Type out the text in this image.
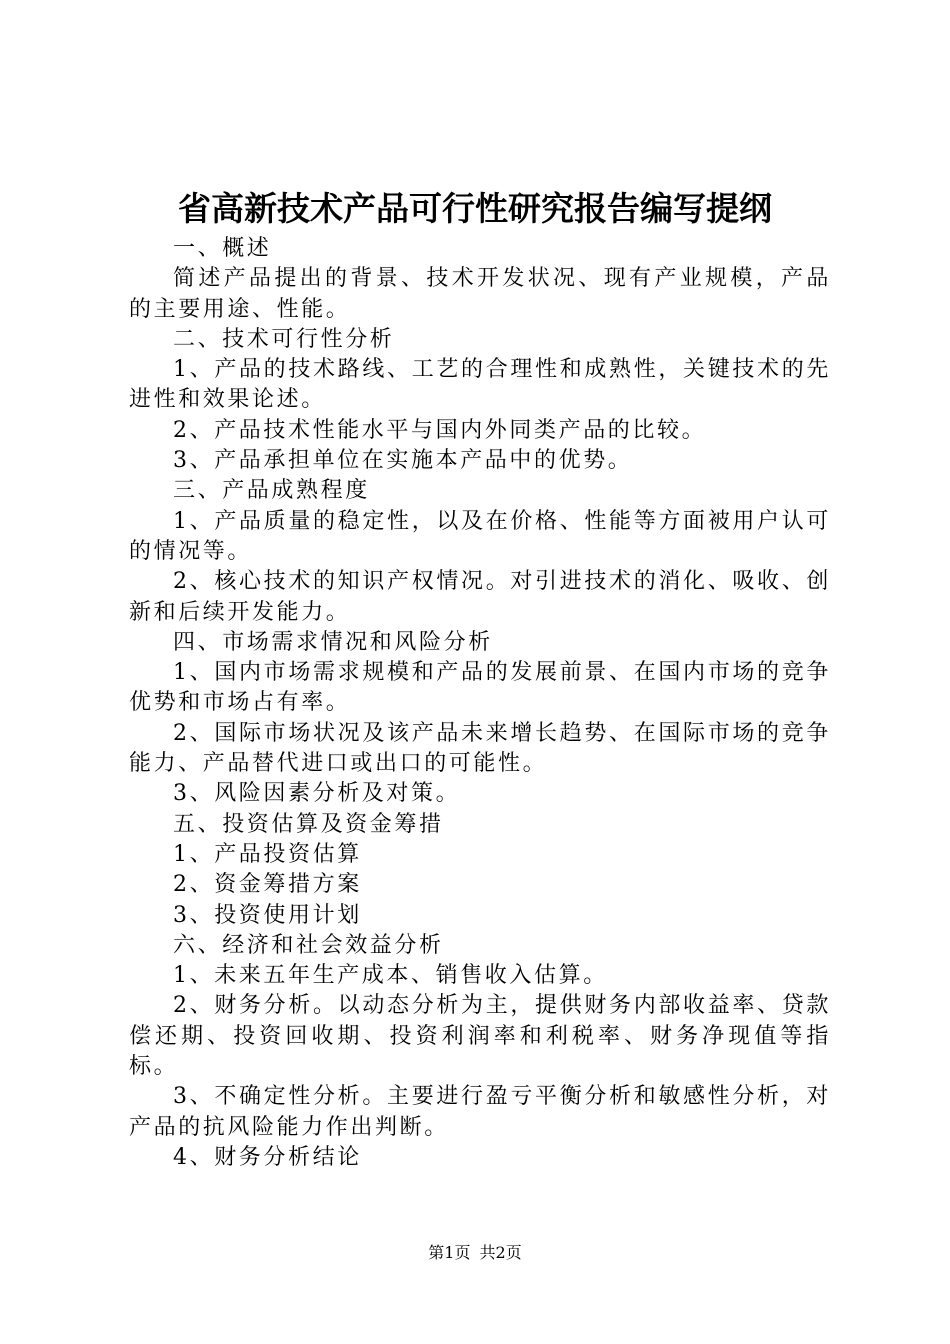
省高新技术产品可行性研究报告编写提纲

一、概述

简述产品提出的背景、技术开发状况、现有产业规模，产品的主要用途、性能。

二、技术可行性分析

1、产品的技术路线、工艺的合理性和成熟性，关键技术的先进性和效果论述。

2、产品技术性能水平与国内外同类产品的比较。

3、产品承担单位在实施本产品中的优势。

三、产品成熟程度

1、产品质量的稳定性，以及在价格、性能等方面被用户认可的情况等。

2、核心技术的知识产权情况。对引进技术的消化、吸收、创新和后续开发能力。

四、市场需求情况和风险分析

1、国内市场需求规模和产品的发展前景、在国内市场的竞争优势和市场占有率。

2、国际市场状况及该产品未来增长趋势、在国际市场的竞争能力、产品替代进口或出口的可能性。

3、风险因素分析及对策。

五、投资估算及资金筹措

1、产品投资估算

2、资金筹措方案

3、投资使用计划

六、经济和社会效益分析

1、未来五年生产成本、销售收入估算。

2、财务分析。以动态分析为主，提供财务内部收益率、贷款偿还期、投资回收期、投资利润率和利税率、财务净现值等指标。

3、不确定性分析。主要进行盈亏平衡分析和敏感性分析，对产品的抗风险能力作出判断。

4、财务分析结论

第1页 共2页
